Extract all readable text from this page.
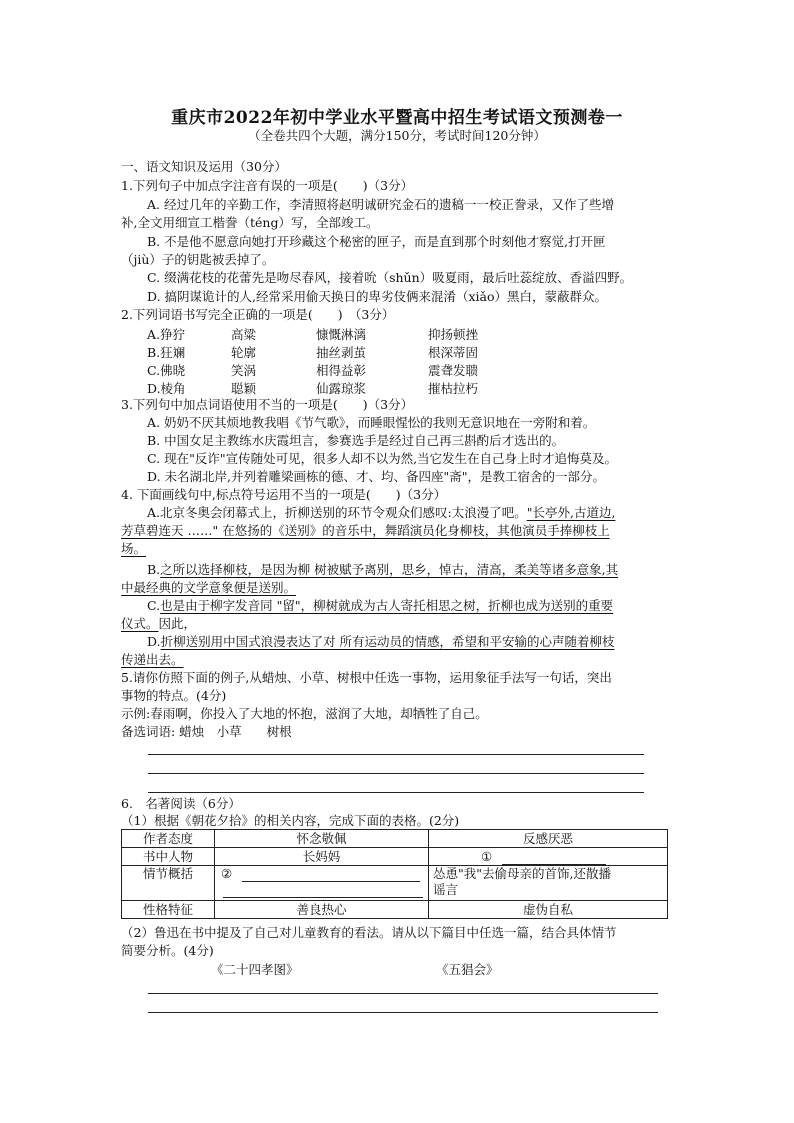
重庆市2022年初中学业水平暨高中招生考试语文预测卷一
（全卷共四个大题，满分150分，考试时间120分钟）
一、语文知识及运用（30分）
1.下列句子中加点字注音有误的一项是(　　)（3分）
A. 经过几年的辛勤工作，李清照将赵明诚研究金石的遗稿一一校正誊录，又作了些增
补,全文用细宣工楷誊（téng）写，全部竣工。
B. 不是他不愿意向她打开珍藏这个秘密的匣子，而是直到那个时刻他才察觉,打开匣
（jiù）子的钥匙被丢掉了。
C. 缀满花枝的花蕾先是吻尽春风，接着吮（shǔn）吸夏雨，最后吐蕊绽放、香溢四野。
D. 搞阴谋诡计的人,经常采用偷天换日的卑劣伎俩来混淆（xiǎo）黑白，蒙蔽群众。
2.下列词语书写完全正确的一项是(　　)　（3分）
A.狰狞	高粱	慷慨淋漓	抑扬顿挫
B.狂斓	轮廓	抽丝剥茧	根深蒂固
C.佛晓	笑涡	相得益彰	震聋发聩
D.棱角	聪颖	仙露琼浆	摧枯拉朽
3.下列句中加点词语使用不当的一项是(　　)（3分）
A. 奶奶不厌其烦地教我唱《节气歌》，而睡眼惺忪的我则无意识地在一旁附和着。
B. 中国女足主教练水庆霞坦言，参赛选手是经过自己再三斟酌后才选出的。
C. 现在"反诈"宣传随处可见，很多人却不以为然,当它发生在自己身上时才追悔莫及。
D. 未名湖北岸,并列着雕梁画栋的德、才、均、备四座"斋"，是教工宿舍的一部分。
4. 下面画线句中,标点符号运用不当的一项是(　　)（3分）
A.北京冬奥会闭幕式上，折柳送别的环节令观众们感叹:太浪漫了吧。"长亭外,古道边,
芳草碧连天 ……" 在悠扬的《送别》的音乐中，舞蹈演员化身柳枝，其他演员手捧柳枝上
场。
B.之所以选择柳枝，是因为柳 树被赋予离别，思乡，悼古，清高，柔美等诸多意象,其
中最经典的文学意象便是送别。
C.也是由于柳字发音同 "留"，柳树就成为古人寄托相思之树，折柳也成为送别的重要
仪式。因此，
D.折柳送别用中国式浪漫表达了对 所有运动员的情感，希望和平安输的心声随着柳枝
传递出去。
5.请你仿照下面的例子,从蜡烛、小草、树根中任选一事物，运用象征手法写一句话，突出
事物的特点。(4分)
示例:春雨啊，你投入了大地的怀抱，滋润了大地，却牺牲了自己。
备选词语: 蜡烛　小草　　树根
6.　名著阅读（6分）
（1）根据《朝花夕拾》的相关内容，完成下面的表格。(2分)
作者态度	怀念敬佩	反感厌恶
书中人物	长妈妈	①
情节概括	②	怂恿"我"去偷母亲的首饰,还散播
谣言

性格特征	善良热心	虚伪自私
（2）鲁迅在书中提及了自己对儿童教育的看法。请从以下篇目中任选一篇，结合具体情节
简要分析。(4分)
《二十四孝图》	《五猖会》
